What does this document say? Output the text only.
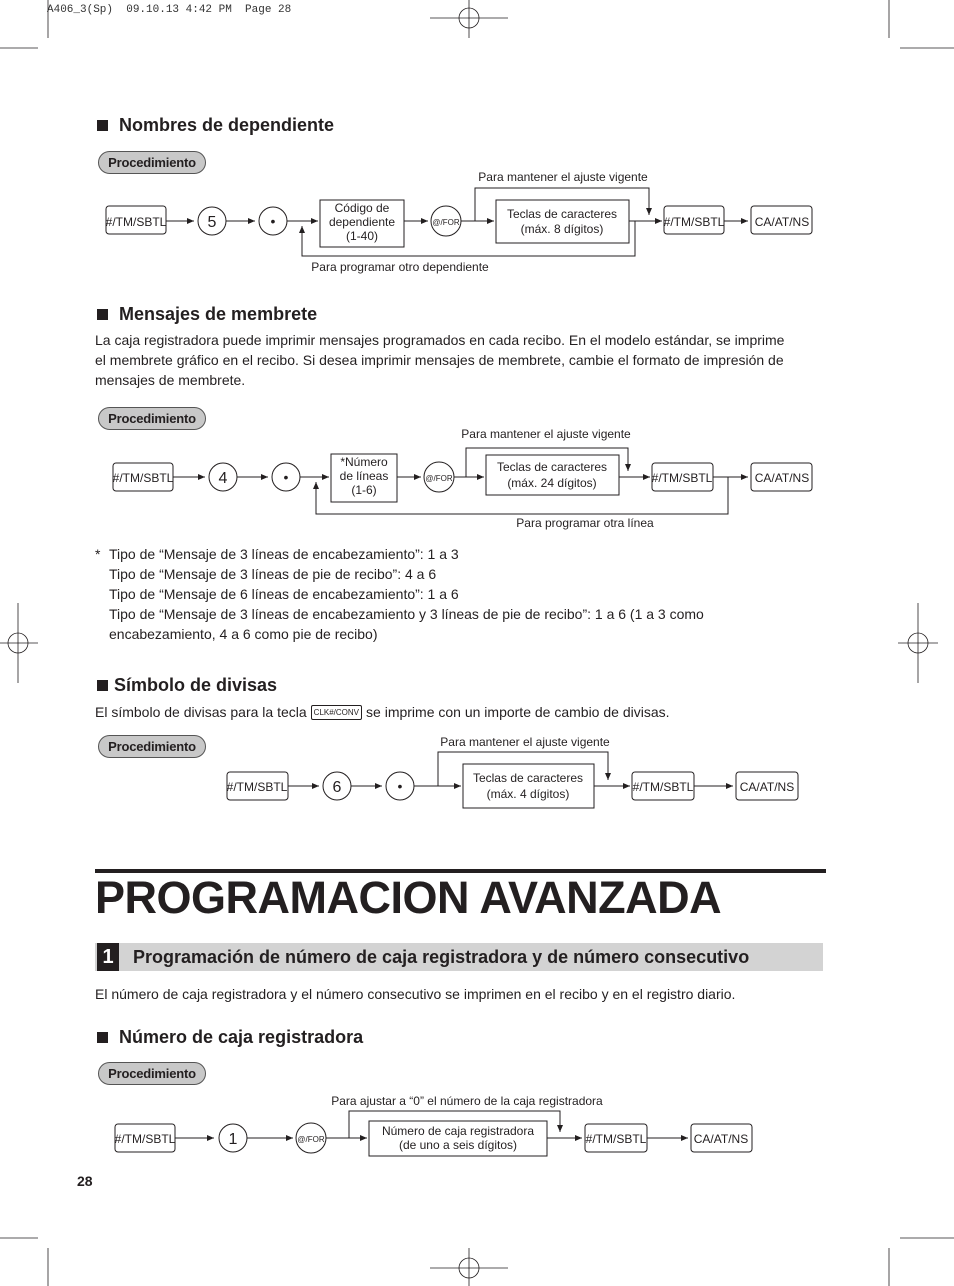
A406_3(Sp)  09.10.13 4:42 PM  Page 28
Nombres de dependiente
Procedimiento
#/TM/SBTL	5	•
Código de
dependiente
(1-40)
@/FOR
Teclas de caracteres
(máx. 8 dígitos)	#/TM/SBTL	CA/AT/NS
Para mantener el ajuste vigente
Para programar otro dependiente
Mensajes de membrete
La caja registradora puede imprimir mensajes programados en cada recibo. En el modelo estándar, se imprime
el membrete gráfico en el recibo. Si desea imprimir mensajes de membrete, cambie el formato de impresión de
mensajes de membrete.
Procedimiento
#/TM/SBTL	4	•
*Número
de líneas
(1-6)
@/FOR
Teclas de caracteres
(máx. 24 dígitos)	#/TM/SBTL	CA/AT/NS
Para mantener el ajuste vigente
Para programar otra línea
* Tipo de “Mensaje de 3 líneas de encabezamiento”: 1 a 3
Tipo de “Mensaje de 3 líneas de pie de recibo”: 4 a 6
Tipo de “Mensaje de 6 líneas de encabezamiento”: 1 a 6
Tipo de “Mensaje de 3 líneas de encabezamiento y 3 líneas de pie de recibo”: 1 a 6 (1 a 3 como
encabezamiento, 4 a 6 como pie de recibo)
Símbolo de divisas
El símbolo de divisas para la tecla CLK#/CONV se imprime con un importe de cambio de divisas.
Procedimiento
#/TM/SBTL	6	•	Teclas de caracteres
(máx. 4 dígitos)	#/TM/SBTL	CA/AT/NS
Para mantener el ajuste vigente
PROGRAMACION AVANZADA
Programación de número de caja registradora y de número consecutivo
1
El número de caja registradora y el número consecutivo se imprimen en el recibo y en el registro diario.
Número de caja registradora
Procedimiento
#/TM/SBTL	1	@/FOR
Número de caja registradora
(de uno a seis dígitos)	#/TM/SBTL	CA/AT/NS
Para ajustar a “0” el número de la caja registradora
28
